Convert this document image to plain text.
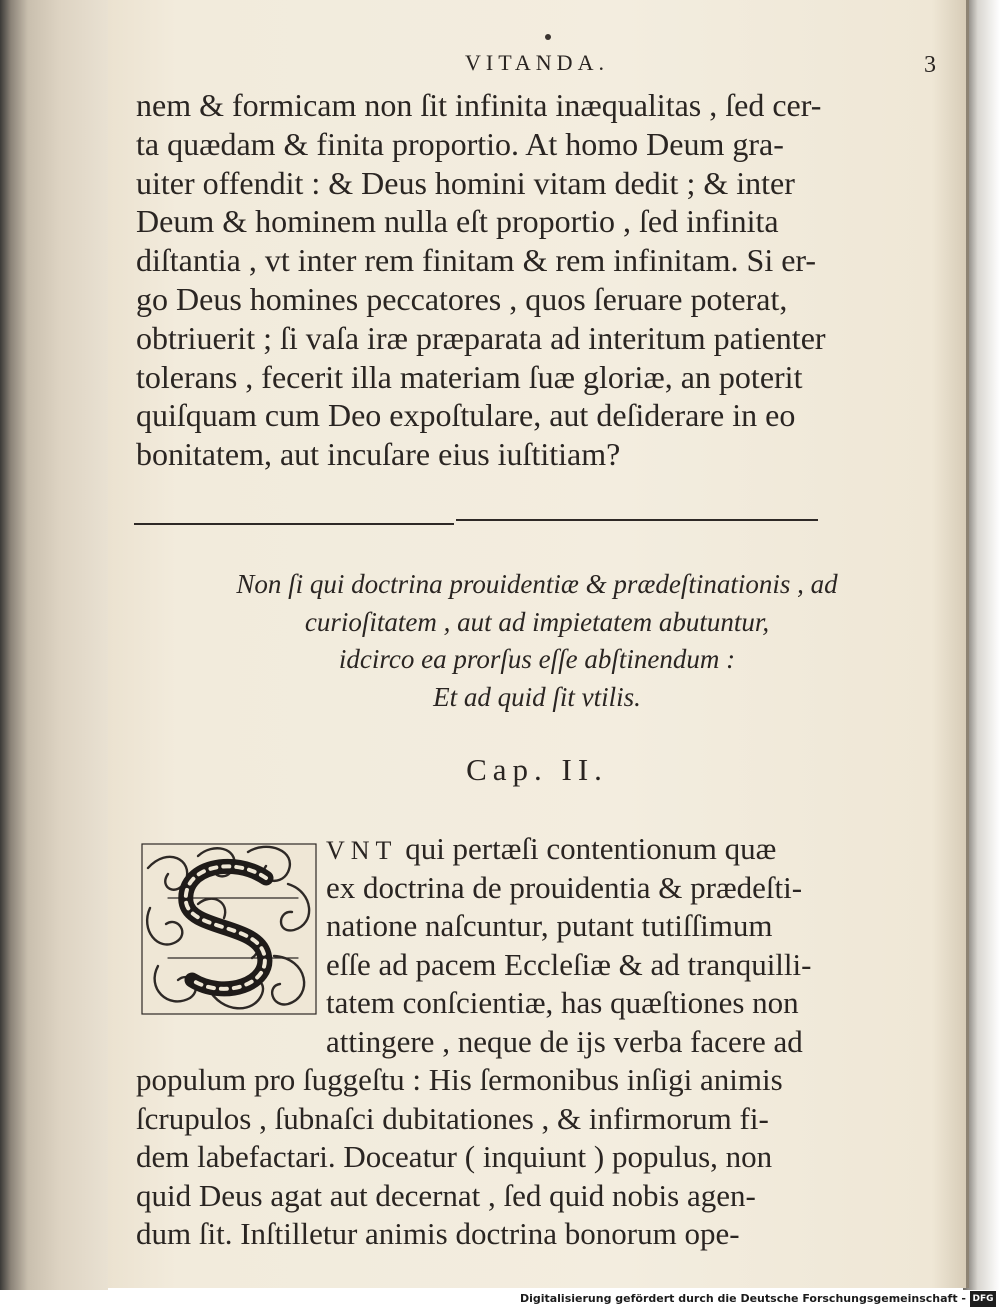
VITANDA.	3
nem & formicam non ſit infinita inæqualitas , ſed cer-
ta quædam & finita proportio. At homo Deum gra-
uiter offendit : & Deus homini vitam dedit ; & inter
Deum & hominem nulla eſt proportio , ſed infinita
diſtantia , vt inter rem finitam & rem infinitam. Si er-
go Deus homines peccatores , quos ſeruare poterat,
obtriuerit ; ſi vaſa iræ præparata ad interitum patienter
tolerans , fecerit illa materiam ſuæ gloriæ, an poterit
quiſquam cum Deo expoſtulare, aut deſiderare in eo
bonitatem, aut incuſare eius iuſtitiam?
Non ſi qui doctrina prouidentiæ & prædeſtinationis , ad
curioſitatem , aut ad impietatem abutuntur,
idcirco ea prorſus eſſe abſtinendum :
Et ad quid ſit vtilis.
Cap. II.
VNT qui pertæſi contentionum quæ
ex doctrina de prouidentia & prædeſti-
natione naſcuntur, putant tutiſſimum
eſſe ad pacem Eccleſiæ & ad tranquilli-
tatem conſcientiæ, has quæſtiones non
attingere , neque de ijs verba facere ad
populum pro ſuggeſtu : His ſermonibus inſigi animis
ſcrupulos , ſubnaſci dubitationes , & infirmorum fi-
dem labefactari. Doceatur ( inquiunt ) populus, non
quid Deus agat aut decernat , ſed quid nobis agen-
dum ſit. Inſtilletur animis doctrina bonorum ope-
Digitalisierung gefördert durch die Deutsche Forschungsgemeinschaft - DFG
